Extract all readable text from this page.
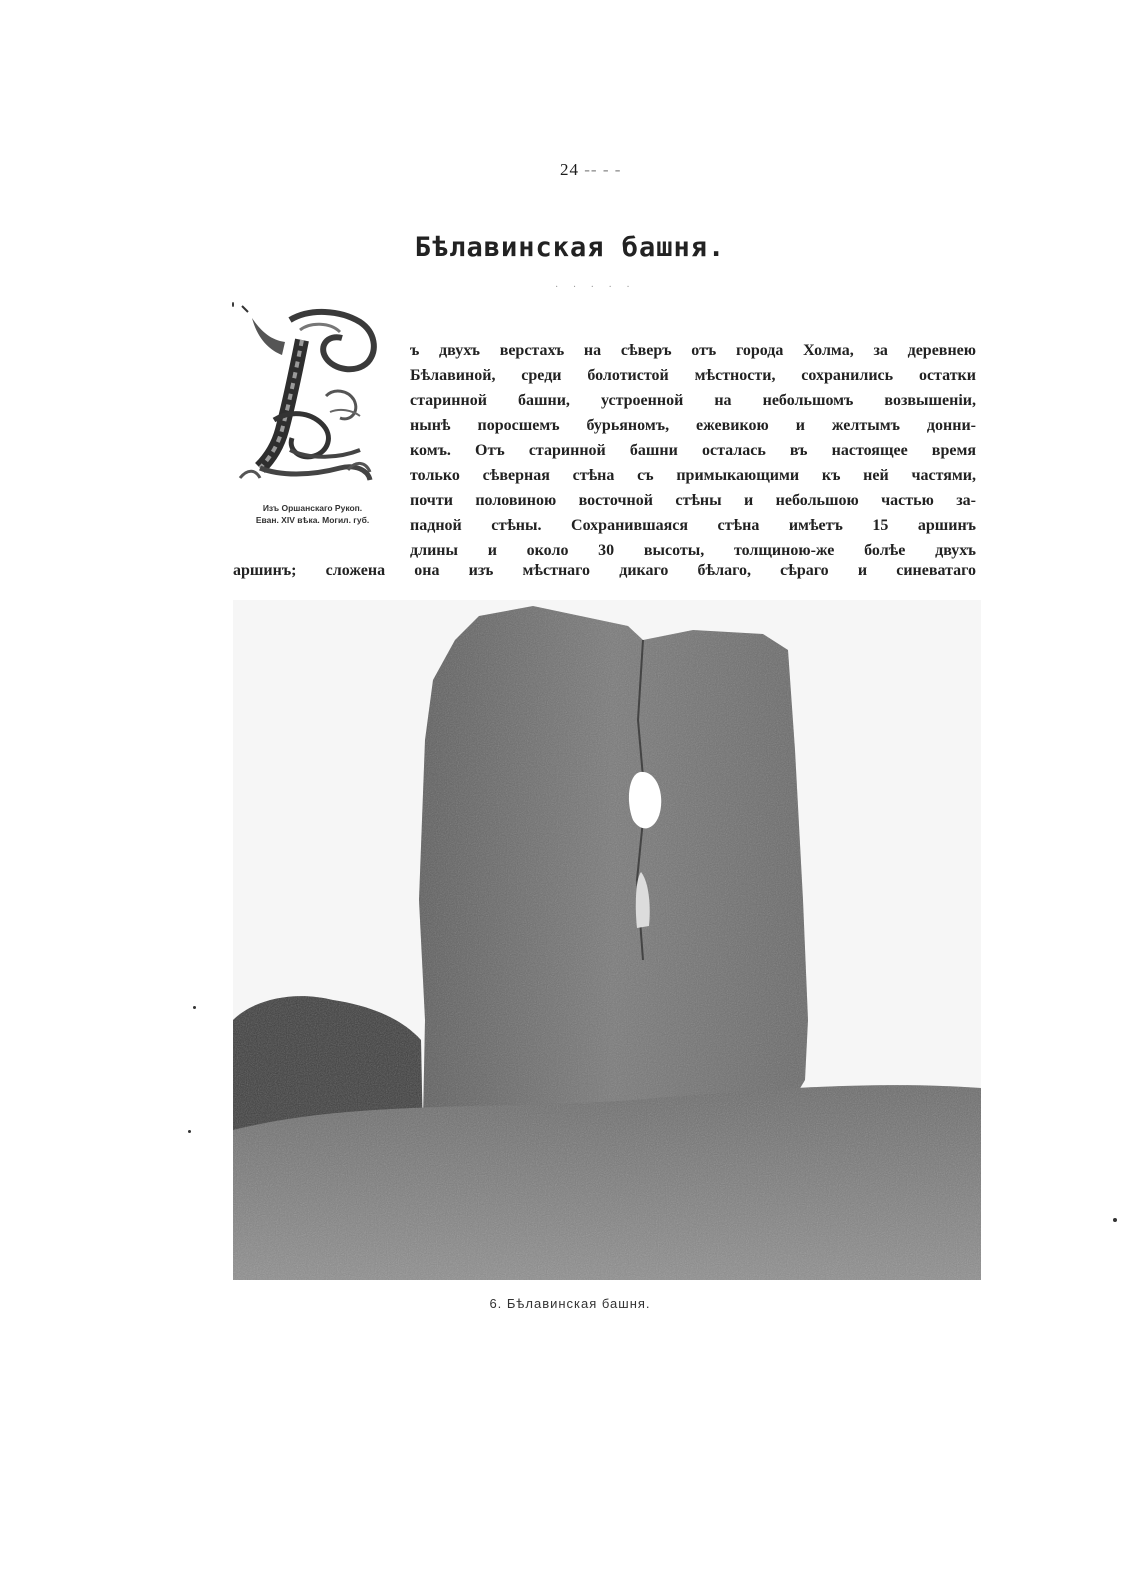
24 -- - -
Бѣлавинская башня.
· · · · ·
Изъ Оршанскаго Рукоп.
Еван. XIV вѣка. Могил. губ.
ъ двухъ верстахъ на сѣверъ отъ города Холма, за деревнею
Бѣлавиной, среди болотистой мѣстности, сохранились остатки
старинной башни, устроенной на небольшомъ возвышеніи,
нынѣ поросшемъ бурьяномъ, ежевикою и желтымъ донни-
комъ. Отъ старинной башни осталась въ настоящее время
только сѣверная стѣна съ примыкающими къ ней частями,
почти половиною восточной стѣны и небольшою частью за-
падной стѣны. Сохранившаяся стѣна имѣетъ 15 аршинъ
длины и около 30 высоты, толщиною-же болѣе двухъ
аршинъ; сложена она изъ мѣстнаго дикаго бѣлаго, сѣраго и синеватаго
6. Бѣлавинская башня.
